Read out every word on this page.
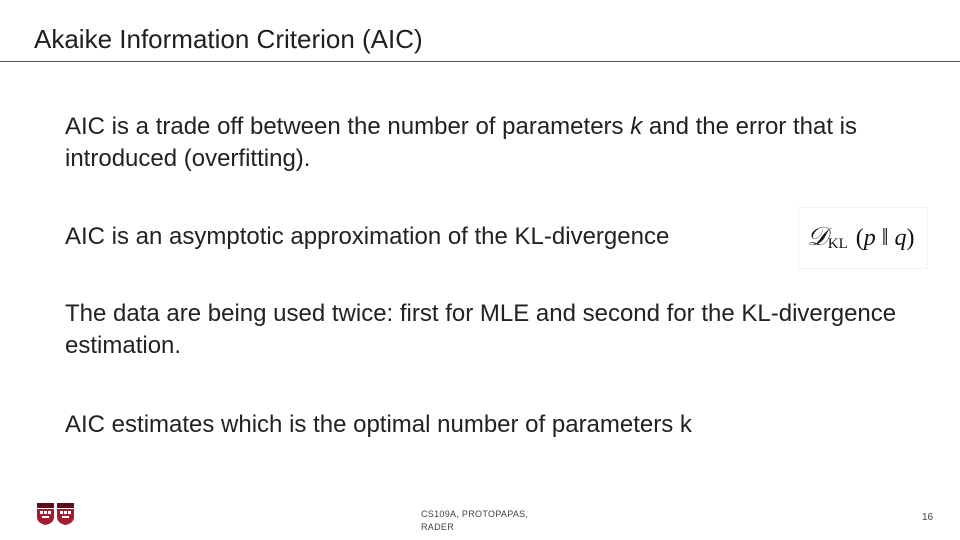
Akaike Information Criterion (AIC)
AIC is a trade off between the number of parameters k and the error that is introduced (overfitting).
AIC is an asymptotic approximation of the KL-divergence	𝒟$_{KL}$ (p ‖ q)
The data are being used twice: first for MLE and second for the KL-divergence estimation.
AIC estimates which is the optimal number of parameters k
CS109A, PROTOPAPAS,
RADER
16
